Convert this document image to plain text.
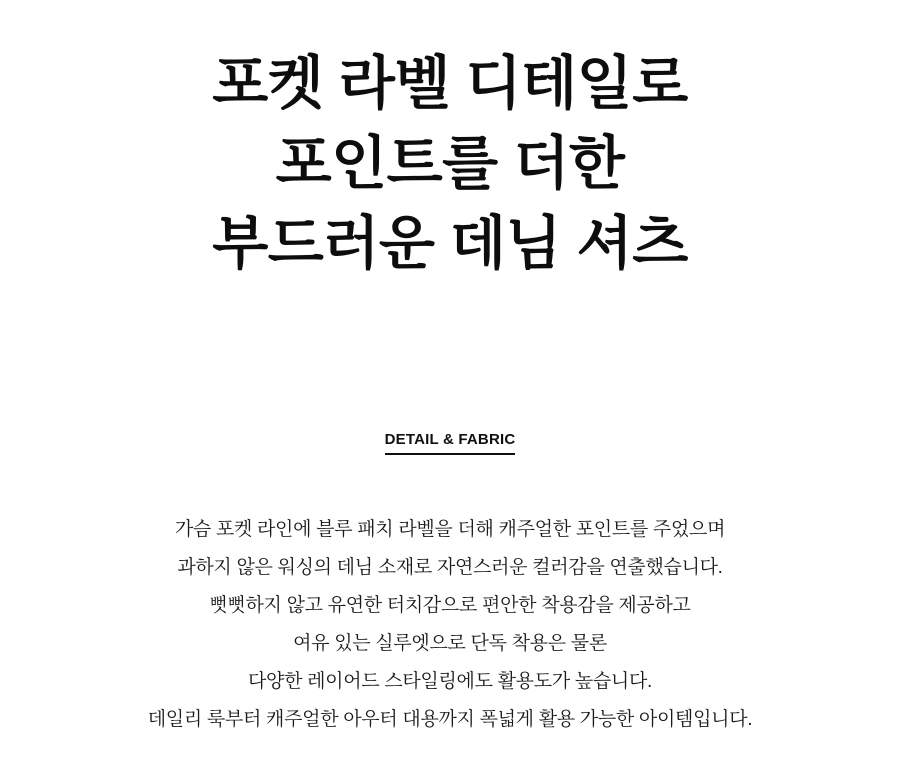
포켓 라벨 디테일로
포인트를 더한
부드러운 데님 셔츠
DETAIL & FABRIC
가슴 포켓 라인에 블루 패치 라벨을 더해 캐주얼한 포인트를 주었으며
과하지 않은 워싱의 데님 소재로 자연스러운 컬러감을 연출했습니다.
뻣뻣하지 않고 유연한 터치감으로 편안한 착용감을 제공하고
여유 있는 실루엣으로 단독 착용은 물론
다양한 레이어드 스타일링에도 활용도가 높습니다.
데일리 룩부터 캐주얼한 아우터 대용까지 폭넓게 활용 가능한 아이템입니다.
